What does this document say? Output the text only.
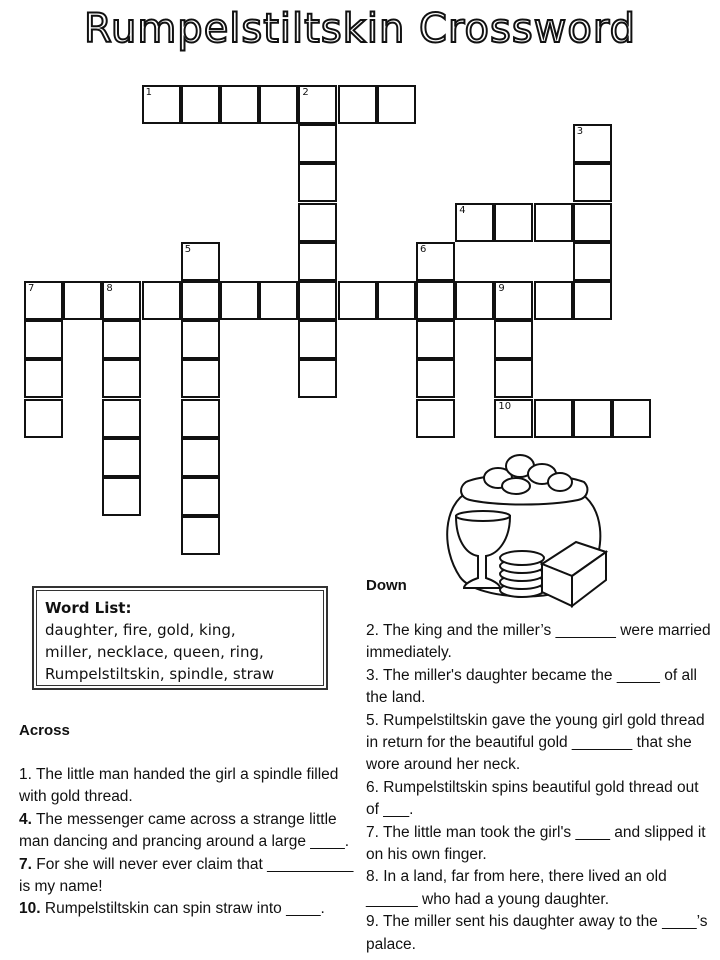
Rumpelstiltskin Crossword
1	2
3
4
5	6
7	8	9
10
Word List:
daughter, fire, gold, king,
miller, necklace, queen, ring,
Rumpelstiltskin, spindle, straw
Across

1. The little man handed the girl a spindle filled with gold thread.

4. The messenger came across a strange little man dancing and prancing around a large ____.

7. For she will never ever claim that __________ is my name!

10. Rumpelstiltskin can spin straw into ____.

Down

2. The king and the miller’s _______ were married immediately.

3. The miller's daughter became the _____ of all the land.

5. Rumpelstiltskin gave the young girl gold thread in return for the beautiful gold _______ that she wore around her neck.

6. Rumpelstiltskin spins beautiful gold thread out of ___.

7. The little man took the girl's ____ and slipped it on his own finger.

8. In a land, far from here, there lived an old ______ who had a young daughter.

9. The miller sent his daughter away to the ____’s palace.
